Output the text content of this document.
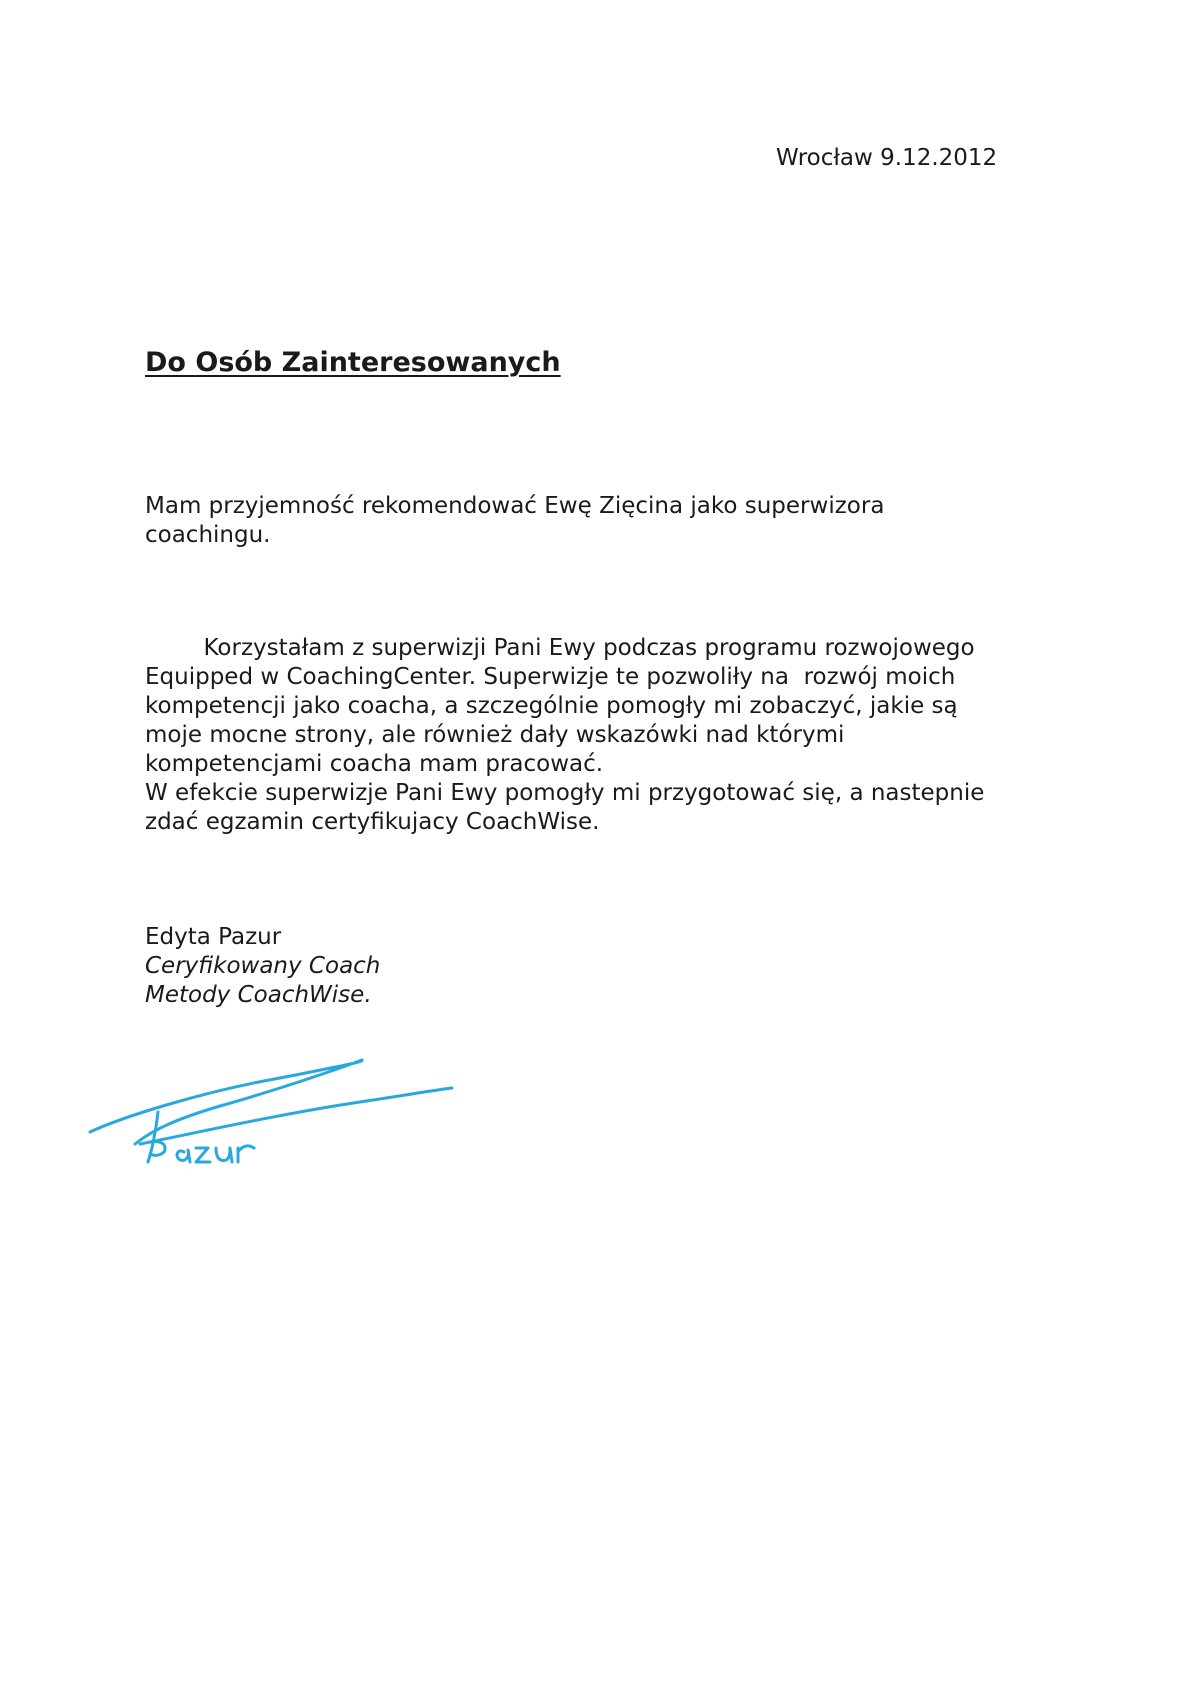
Wrocław 9.12.2012
Do Osób Zainteresowanych

Mam przyjemność rekomendować Ewę Zięcina jako superwizora

coachingu.

Korzystałam z superwizji Pani Ewy podczas programu rozwojowego

Equipped w CoachingCenter. Superwizje te pozwoliły na  rozwój moich

kompetencji jako coacha, a szczególnie pomogły mi zobaczyć, jakie są

moje mocne strony, ale również dały wskazówki nad którymi

kompetencjami coacha mam pracować.

W efekcie superwizje Pani Ewy pomogły mi przygotować się, a nastepnie

zdać egzamin certyfikujacy CoachWise.

Edyta Pazur

Ceryfikowany Coach

Metody CoachWise.
